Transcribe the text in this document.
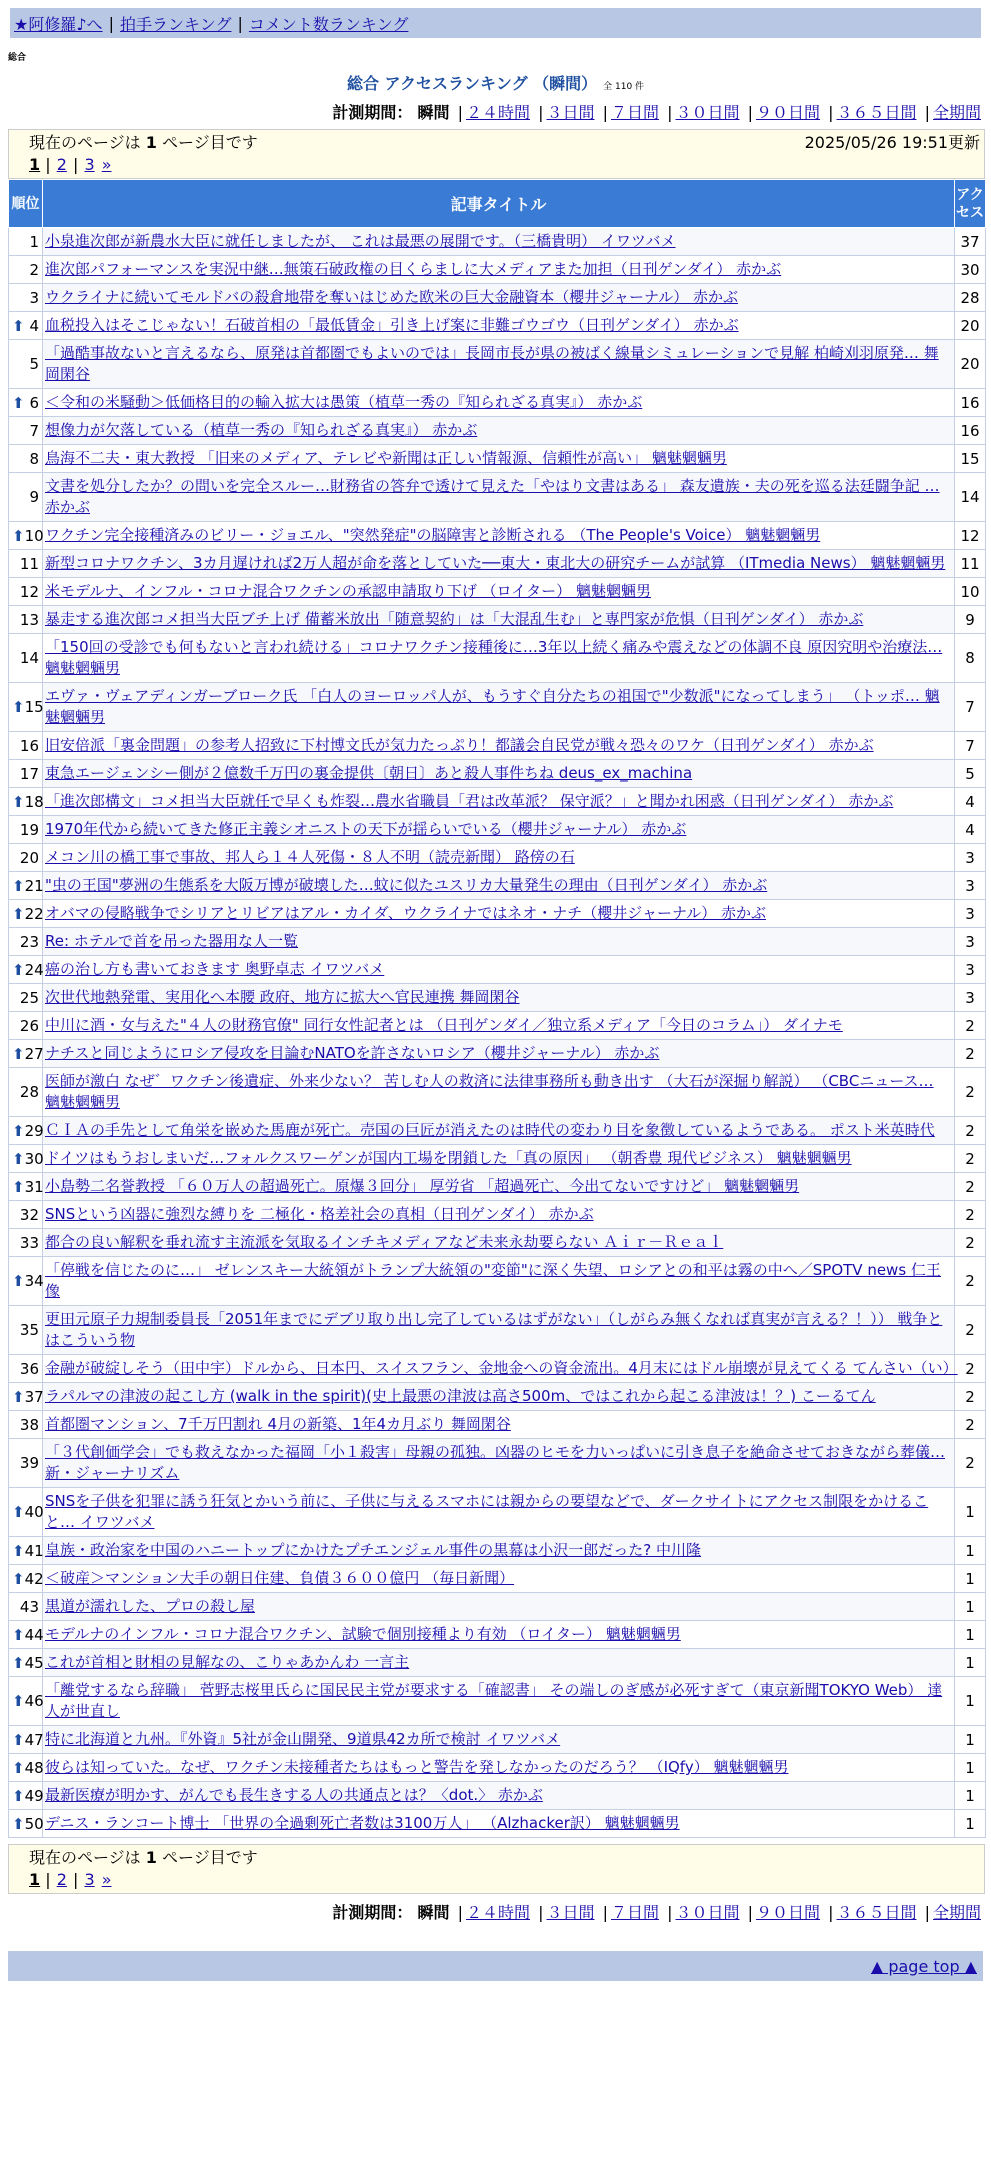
★阿修羅♪へ | 拍手ランキング | コメント数ランキング
総合
総合 アクセスランキング （瞬間） 全 110 件
計測期間： 瞬間 | ２４時間 | ３日間 | ７日間 | ３０日間 | ９０日間 | ３６５日間 | 全期間
現在のページは 1 ページ目です	2025/05/26 19:51更新
1 | 2 | 3 »
順位	記事タイトル	アクセス
1	小泉進次郎が新農水大臣に就任しましたが、 これは最悪の展開です。（三橋貴明） イワツバメ	37
2	進次郎パフォーマンスを実況中継…無策石破政権の目くらましに大メディアまた加担（日刊ゲンダイ） 赤かぶ	30
3	ウクライナに続いてモルドバの殺倉地帯を奪いはじめた欧米の巨大金融資本（櫻井ジャーナル） 赤かぶ	28

⬆ 4	血税投入はそこじゃない！石破首相の「最低賃金」引き上げ案に非難ゴウゴウ（日刊ゲンダイ） 赤かぶ	20
5	「過酷事故ないと言えるなら、原発は首都圏でもよいのでは」長岡市長が県の被ばく線量シミュレーションで見解 柏崎刈羽原発… 舞岡閑谷	20

⬆ 6	＜令和の米騒動＞低価格目的の輸入拡大は愚策（植草一秀の『知られざる真実』） 赤かぶ	16
7	想像力が欠落している（植草一秀の『知られざる真実』） 赤かぶ	16
8	鳥海不二夫・東大教授 「旧来のメディア、テレビや新聞は正しい情報源、信頼性が高い」 魑魅魍魎男	15
9	文書を処分したか？の問いを完全スルー…財務省の答弁で透けて見えた「やはり文書はある」 森友遺族・夫の死を巡る法廷闘争記 … 赤かぶ	14

⬆ 10	ワクチン完全接種済みのビリー・ジョエル、"突然発症"の脳障害と診断される （The People's Voice） 魑魅魍魎男	12
11	新型コロナワクチン、3カ月遅ければ2万人超が命を落としていた──東大・東北大の研究チームが試算 （ITmedia News） 魑魅魍魎男	11
12	米モデルナ、インフル・コロナ混合ワクチンの承認申請取り下げ （ロイター） 魑魅魍魎男	10
13	暴走する進次郎コメ担当大臣ブチ上げ 備蓄米放出「随意契約」は「大混乱生む」と専門家が危惧（日刊ゲンダイ） 赤かぶ	9
14	「150回の受診でも何もないと言われ続ける」コロナワクチン接種後に…3年以上続く痛みや震えなどの体調不良 原因究明や治療法… 魑魅魍魎男	8

⬆ 15	エヴァ・ヴェアディンガーブローク氏 「白人のヨーロッパ人が、もうすぐ自分たちの祖国で"少数派"になってしまう」 （トッポ… 魑魅魍魎男	7
16	旧安倍派「裏金問題」の参考人招致に下村博文氏が気力たっぷり！都議会自民党が戦々恐々のワケ（日刊ゲンダイ） 赤かぶ	7
17	東急エージェンシー側が２億数千万円の裏金提供〔朝日〕あと殺人事件ちね deus_ex_machina	5

⬆ 18	「進次郎構文」コメ担当大臣就任で早くも炸裂…農水省職員「君は改革派？ 保守派？」と聞かれ困惑（日刊ゲンダイ） 赤かぶ	4
19	1970年代から続いてきた修正主義シオニストの天下が揺らいでいる（櫻井ジャーナル） 赤かぶ	4
20	メコン川の橋工事で事故、邦人ら１４人死傷・８人不明（読売新聞） 路傍の石	3

⬆ 21	"虫の王国"夢洲の生態系を大阪万博が破壊した…蚊に似たユスリカ大量発生の理由（日刊ゲンダイ） 赤かぶ	3

⬆ 22	オバマの侵略戦争でシリアとリビアはアル・カイダ、ウクライナではネオ・ナチ（櫻井ジャーナル） 赤かぶ	3
23	Re: ホテルで首を吊った器用な人一覧	3

⬆ 24	癌の治し方も書いておきます 奥野卓志 イワツバメ	3
25	次世代地熱発電、実用化へ本腰 政府、地方に拡大へ官民連携 舞岡閑谷	3
26	中川に酒・女与えた"４人の財務官僚" 同行女性記者とは （日刊ゲンダイ／独立系メディア「今日のコラム」） ダイナモ	2

⬆ 27	ナチスと同じようにロシア侵攻を目論むNATOを許さないロシア（櫻井ジャーナル） 赤かぶ	2
28	医師が激白 なぜ゛ワクチン後遺症、外来少ない？ 苦しむ人の救済に法律事務所も動き出す （大石が深掘り解説） （CBCニュース… 魑魅魍魎男	2

⬆ 29	ＣＩＡの手先として角栄を嵌めた馬鹿が死亡。売国の巨匠が消えたのは時代の変わり目を象徴しているようである。 ポスト米英時代	2

⬆ 30	ドイツはもうおしまいだ…フォルクスワーゲンが国内工場を閉鎖した「真の原因」 （朝香豊 現代ビジネス） 魑魅魍魎男	2

⬆ 31	小島勢二名誉教授 「６０万人の超過死亡。原爆３回分」 厚労省 「超過死亡、今出てないですけど」 魑魅魍魎男	2
32	SNSという凶器に強烈な縛りを 二極化・格差社会の真相（日刊ゲンダイ） 赤かぶ	2
33	都合の良い解釈を垂れ流す主流派を気取るインチキメディアなど未来永劫要らない Ａｉｒ－Ｒｅａｌ	2

⬆ 34	「停戦を信じたのに…」 ゼレンスキー大統領がトランプ大統領の"変節"に深く失望、ロシアとの和平は霧の中へ／SPOTV news 仁王像	2
35	更田元原子力規制委員長「2051年までにデブリ取り出し完了しているはずがない」（しがらみ無くなれば真実が言える？！）） 戦争とはこういう物	2
36	金融が破綻しそう（田中宇）ドルから、日本円、スイスフラン、金地金への資金流出。4月末にはドル崩壊が見えてくる てんさい（い）	2

⬆ 37	ラパルマの津波の起こし方 (walk in the spirit)(史上最悪の津波は高さ500m、ではこれから起こる津波は！？) こーるてん	2
38	首都圏マンション、7千万円割れ 4月の新築、1年4カ月ぶり 舞岡閑谷	2
39	「３代創価学会」でも救えなかった福岡「小１殺害」母親の孤独。凶器のヒモを力いっぱいに引き息子を絶命させておきながら葬儀… 新・ジャーナリズム	2

⬆ 40	SNSを子供を犯罪に誘う狂気とかいう前に、子供に与えるスマホには親からの要望などで、ダークサイトにアクセス制限をかけること… イワツバメ	1

⬆ 41	皇族・政治家を中国のハニートップにかけたプチエンジェル事件の黒幕は小沢一郎だった? 中川隆	1

⬆ 42	＜破産＞マンション大手の朝日住建、負債３６００億円 （毎日新聞）	1
43	黒道が濡れした、プロの殺し屋	1

⬆ 44	モデルナのインフル・コロナ混合ワクチン、試験で個別接種より有効 （ロイター） 魑魅魍魎男	1

⬆ 45	これが首相と財相の見解なの、こりゃあかんわ 一言主	1

⬆ 46	「離党するなら辞職」 菅野志桜里氏らに国民民主党が要求する「確認書」 その端しのぎ感が必死すぎて（東京新聞TOKYO Web） 達人が世直し	1

⬆ 47	特に北海道と九州。『外資』5社が金山開発、9道県42カ所で検討 イワツバメ	1

⬆ 48	彼らは知っていた。なぜ、ワクチン未接種者たちはもっと警告を発しなかったのだろう？ （IQfy） 魑魅魍魎男	1

⬆ 49	最新医療が明かす、がんでも長生きする人の共通点とは？〈dot.〉 赤かぶ	1

⬆ 50	デニス・ランコート博士 「世界の全過剰死亡者数は3100万人」 （Alzhacker訳） 魑魅魍魎男	1
現在のページは 1 ページ目です
1 | 2 | 3 »
計測期間： 瞬間 | ２４時間 | ３日間 | ７日間 | ３０日間 | ９０日間 | ３６５日間 | 全期間
▲ page top ▲
